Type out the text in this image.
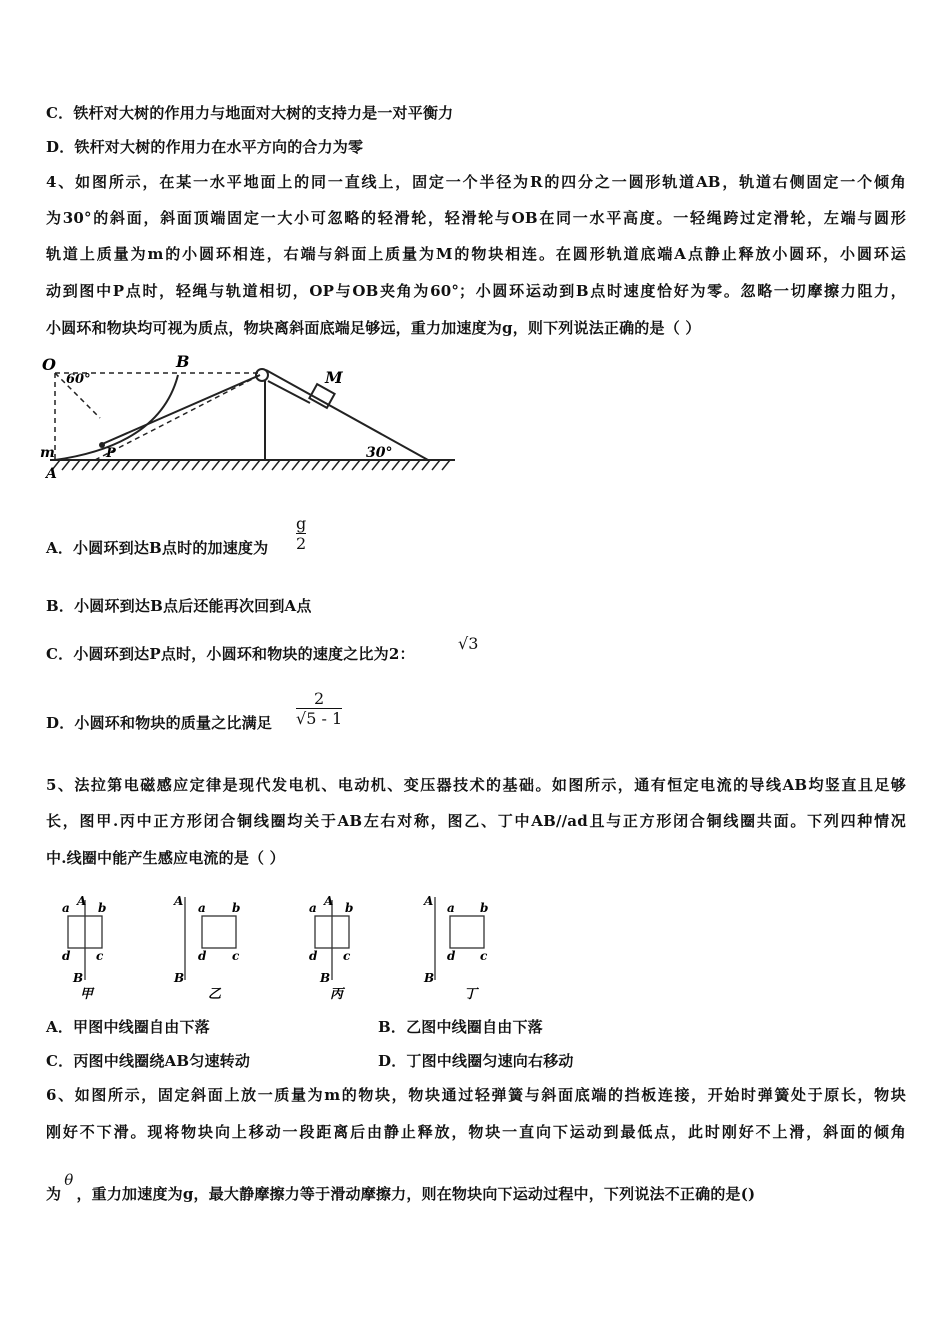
C．铁杆对大树的作用力与地面对大树的支持力是一对平衡力
D．铁杆对大树的作用力在水平方向的合力为零
4、如图所示，在某一水平地面上的同一直线上，固定一个半径为R的四分之一圆形轨道AB，轨道右侧固定一个倾角
为30°的斜面，斜面顶端固定一大小可忽略的轻滑轮，轻滑轮与OB在同一水平高度。一轻绳跨过定滑轮，左端与圆形
轨道上质量为m的小圆环相连，右端与斜面上质量为M的物块相连。在圆形轨道底端A点静止释放小圆环，小圆环运
动到图中P点时，轻绳与轨道相切，OP与OB夹角为60°；小圆环运动到B点时速度恰好为零。忽略一切摩擦力阻力，
小圆环和物块均可视为质点，物块离斜面底端足够远，重力加速度为g，则下列说法正确的是（ ）
O
60°
B
M
m
A
P	30°
A．小圆环到达B点时的加速度为
g
2
B．小圆环到达B点后还能再次回到A点
C．小圆环到达P点时，小圆环和物块的速度之比为2：
√3
D．小圆环和物块的质量之比满足
2
√5 - 1
5、法拉第电磁感应定律是现代发电机、电动机、变压器技术的基础。如图所示，通有恒定电流的导线AB均竖直且足够
长，图甲.丙中正方形闭合铜线圈均关于AB左右对称，图乙、丁中AB//ad且与正方形闭合铜线圈共面。下列四种情况
中.线圈中能产生感应电流的是（ ）
a A b
d c
B
A a b
d c
B
a A b
d c
B
A a b
d c
B
甲	乙	丙	丁
A．甲图中线圈自由下落	B．乙图中线圈自由下落
C．丙图中线圈绕AB匀速转动	D．丁图中线圈匀速向右移动
6、如图所示，固定斜面上放一质量为m的物块，物块通过轻弹簧与斜面底端的挡板连接，开始时弹簧处于原长，物块
刚好不下滑。现将物块向上移动一段距离后由静止释放，物块一直向下运动到最低点，此时刚好不上滑，斜面的倾角
为θ，重力加速度为g，最大静摩擦力等于滑动摩擦力，则在物块向下运动过程中，下列说法不正确的是()
